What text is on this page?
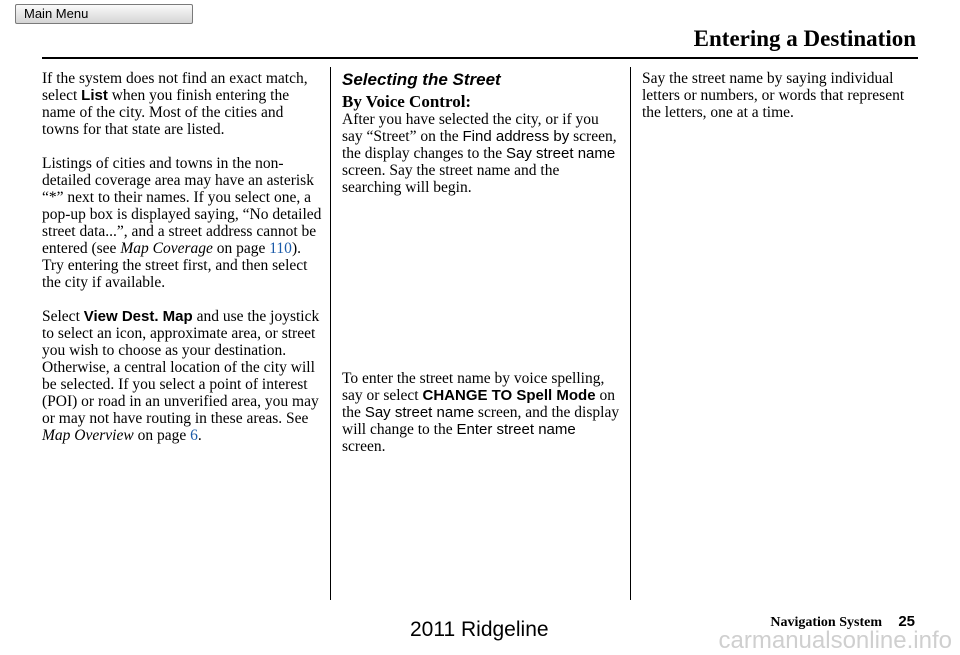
Main Menu
Entering a Destination

If the system does not find an exact match, select List when you finish entering the name of the city. Most of the cities and towns for that state are listed.

Listings of cities and towns in the non-detailed coverage area may have an asterisk “*” next to their names. If you select one, a pop-up box is displayed saying, “No detailed street data...”, and a street address cannot be entered (see Map Coverage on page 110). Try entering the street first, and then select the city if available.

Select View Dest. Map and use the joystick to select an icon, approximate area, or street you wish to choose as your destination. Otherwise, a central location of the city will be selected. If you select a point of interest (POI) or road in an unverified area, you may or may not have routing in these areas. See Map Overview on page 6.

Selecting the Street
By Voice Control:

After you have selected the city, or if you say “Street” on the Find address by screen, the display changes to the Say street name screen. Say the street name and the searching will begin.

To enter the street name by voice spelling, say or select CHANGE TO Spell Mode on the Say street name screen, and the display will change to the Enter street name screen.

Say the street name by saying individual letters or numbers, or words that represent the letters, one at a time.

Navigation System 25
2011 Ridgeline	carmanualsonline.info
